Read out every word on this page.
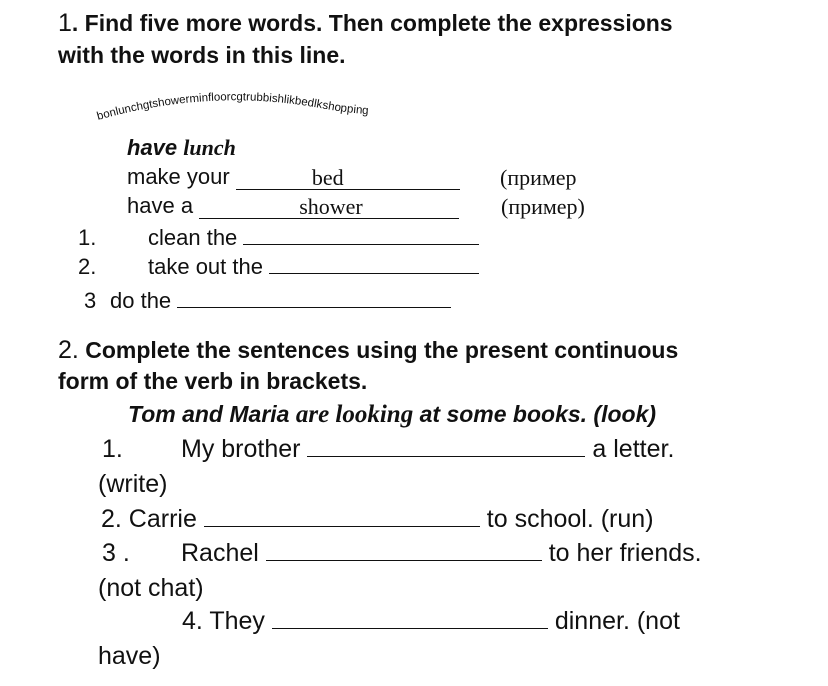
1. Find five more words. Then complete the expressions
with the words in this line.
bonlunchgtshowerminfloorcgtrubbishlikbedlkshopping
have lunch
make your	bed	(пример
have a	shower	(пример)
1. clean the
2. take out the
3 do the
2. Complete the sentences using the present continuous
form of the verb in brackets.
Tom and Maria are looking at some books. (look)
1. My brother	a letter.
(write)
2. Carrie	to school. (run)
3 . Rachel	to her friends.
(not chat)
4. They	dinner. (not
have)
